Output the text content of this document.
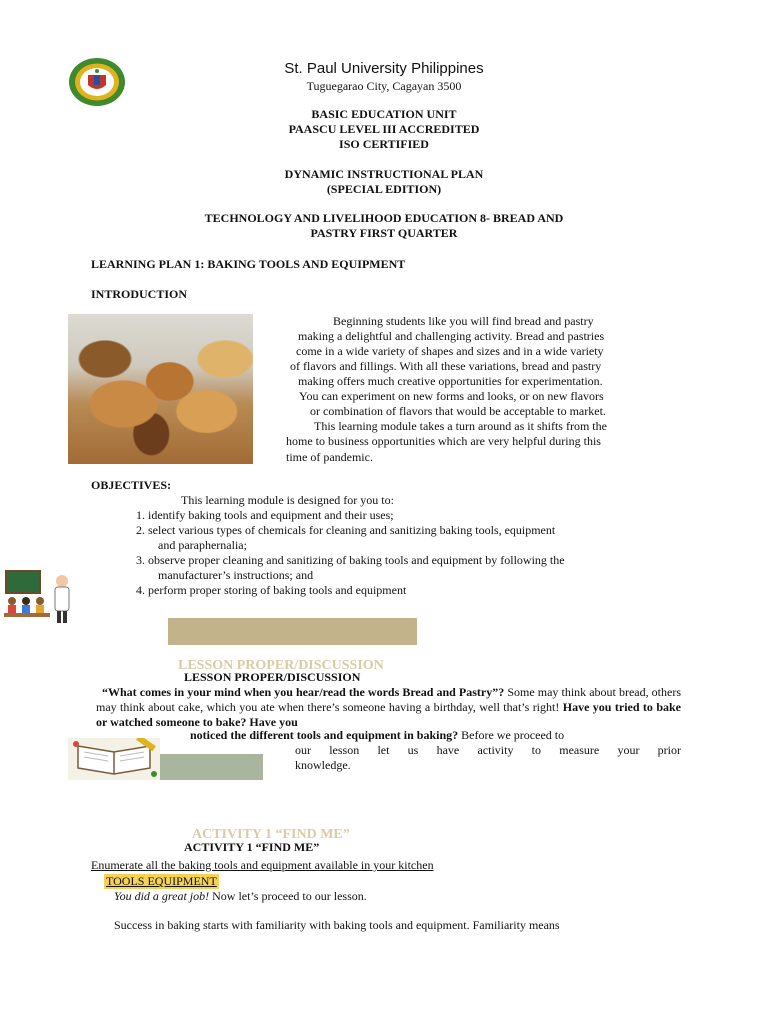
St. Paul University Philippines
Tuguegarao City, Cagayan 3500
BASIC EDUCATION UNIT
PAASCU LEVEL III ACCREDITED
ISO CERTIFIED
DYNAMIC INSTRUCTIONAL PLAN
(SPECIAL EDITION)
TECHNOLOGY AND LIVELIHOOD EDUCATION 8- BREAD AND
PASTRY FIRST QUARTER
LEARNING PLAN 1: BAKING TOOLS AND EQUIPMENT
INTRODUCTION
Beginning students like you will find bread and pastry
making a delightful and challenging activity. Bread and pastries
come in a wide variety of shapes and sizes and in a wide variety
of flavors and fillings. With all these variations, bread and pastry
making offers much creative opportunities for experimentation.
You can experiment on new forms and looks, or on new flavors
or combination of flavors that would be acceptable to market.
This learning module takes a turn around as it shifts from the
home to business opportunities which are very helpful during this
time of pandemic.
OBJECTIVES:
This learning module is designed for you to:
1. identify baking tools and equipment and their uses;
2. select various types of chemicals for cleaning and sanitizing baking tools, equipment
and paraphernalia;
3. observe proper cleaning and sanitizing of baking tools and equipment by following the
manufacturer’s instructions; and
4. perform proper storing of baking tools and equipment
LESSON PROPER/DISCUSSION
LESSON PROPER/DISCUSSION
“What comes in your mind when you hear/read the words Bread and Pastry”? Some may think about bread, others may think about cake, which you ate when there’s someone having a birthday, well that’s right! Have you tried to bake or watched someone to bake? Have you
noticed the different tools and equipment in baking? Before we proceed to
our lesson let us have activity to measure your prior
knowledge.
ACTIVITY 1 “FIND ME”
ACTIVITY 1 “FIND ME”
Enumerate all the baking tools and equipment available in your kitchen
TOOLS EQUIPMENT
You did a great job! Now let’s proceed to our lesson.
Success in baking starts with familiarity with baking tools and equipment. Familiarity means
